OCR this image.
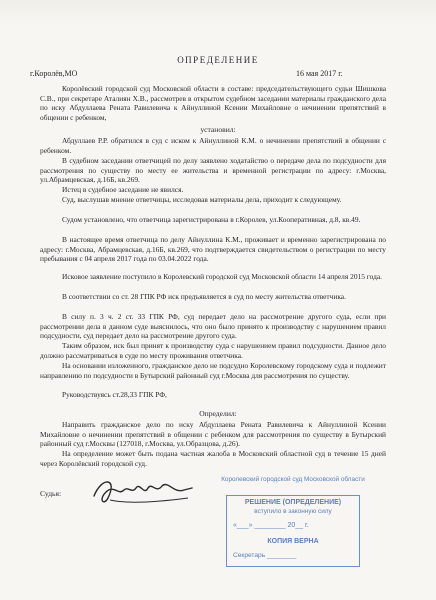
ОПРЕДЕЛЕНИЕ
г.Королёв,МО	16 мая 2017 г.

Королёвский городской суд Московской области в составе: председательствующего судьи Шишкова С.В., при секретаре Аталиян Х.В., рассмотрев в открытом судебном заседании материалы гражданского дела по иску Абдуллаева Рената Равилевича к Айнуллиной Ксении Михайловне о нечинении препятствий в общении с ребенком,

установил:

Абдуллаев Р.Р. обратился в суд с иском к Айнуллиной К.М. о нечинении препятствий в общении с ребенком.

В судебном заседании ответчицей по делу заявлено ходатайство о передаче дела по подсудности для рассмотрения по существу по месту ее жительства и временной регистрации по адресу: г.Москва, ул.Абрамцевская, д.16Б, кв.269.

Истец в судебное заседание не явился.

Суд, выслушав мнение ответчицы, исследовав материалы дела, приходит к следующему.

Судом установлено, что ответчица зарегистрирована в г.Королев, ул.Кооперативная, д.8, кв.49.

В настоящее время ответчица по делу Айнуллина К.М., проживает и временно зарегистрирована по адресу: г.Москва, Абрамцевская, д.16Б, кв.269, что подтверждается свидетельством о регистрации по месту пребывания с 04 апреля 2017 года по 03.04.2022 года.

Исковое заявление поступило в Королевский городской суд Московской области 14 апреля 2015 года.

В соответствии со ст. 28 ГПК РФ иск предъявляется в суд по месту жительства ответчика.

В силу п. 3 ч. 2 ст. 33 ГПК РФ, суд передает дело на рассмотрение другого суда, если при рассмотрении дела в данном суде выяснилось, что оно было принято к производству с нарушением правил подсудности, суд передает дело на рассмотрение другого суда.

Таким образом, иск был принят к производству суда с нарушением правил подсудности. Данное дело должно рассматриваться в суде по месту проживания ответчика.

На основании изложенного, гражданское дело не подсудно Королевскому городскому суда и подлежит направлению по подсудности в Бутырский районный суд г.Москва для рассмотрения по существу.

Руководствуясь ст.28,33 ГПК РФ,

Определил:

Направить гражданское дело по иску Абдуллаева Рената Равилевича к Айнуллиной Ксении Михайловне о нечинении препятствий в общении с ребенком для рассмотрения по существу в Бутырский районный суд г.Москвы (127018, г.Москва, ул.Образцова, д.26).

На определение может быть подана частная жалоба в Московский областной суд в течение 15 дней через Королёвский городской суд.

Судья:
Королевский городской суд Московской области
РЕШЕНИЕ (ОПРЕДЕЛЕНИЕ)
вступило в законную силу
«___» ________ 20__ г.
КОПИЯ ВЕРНА
Секретарь ________
